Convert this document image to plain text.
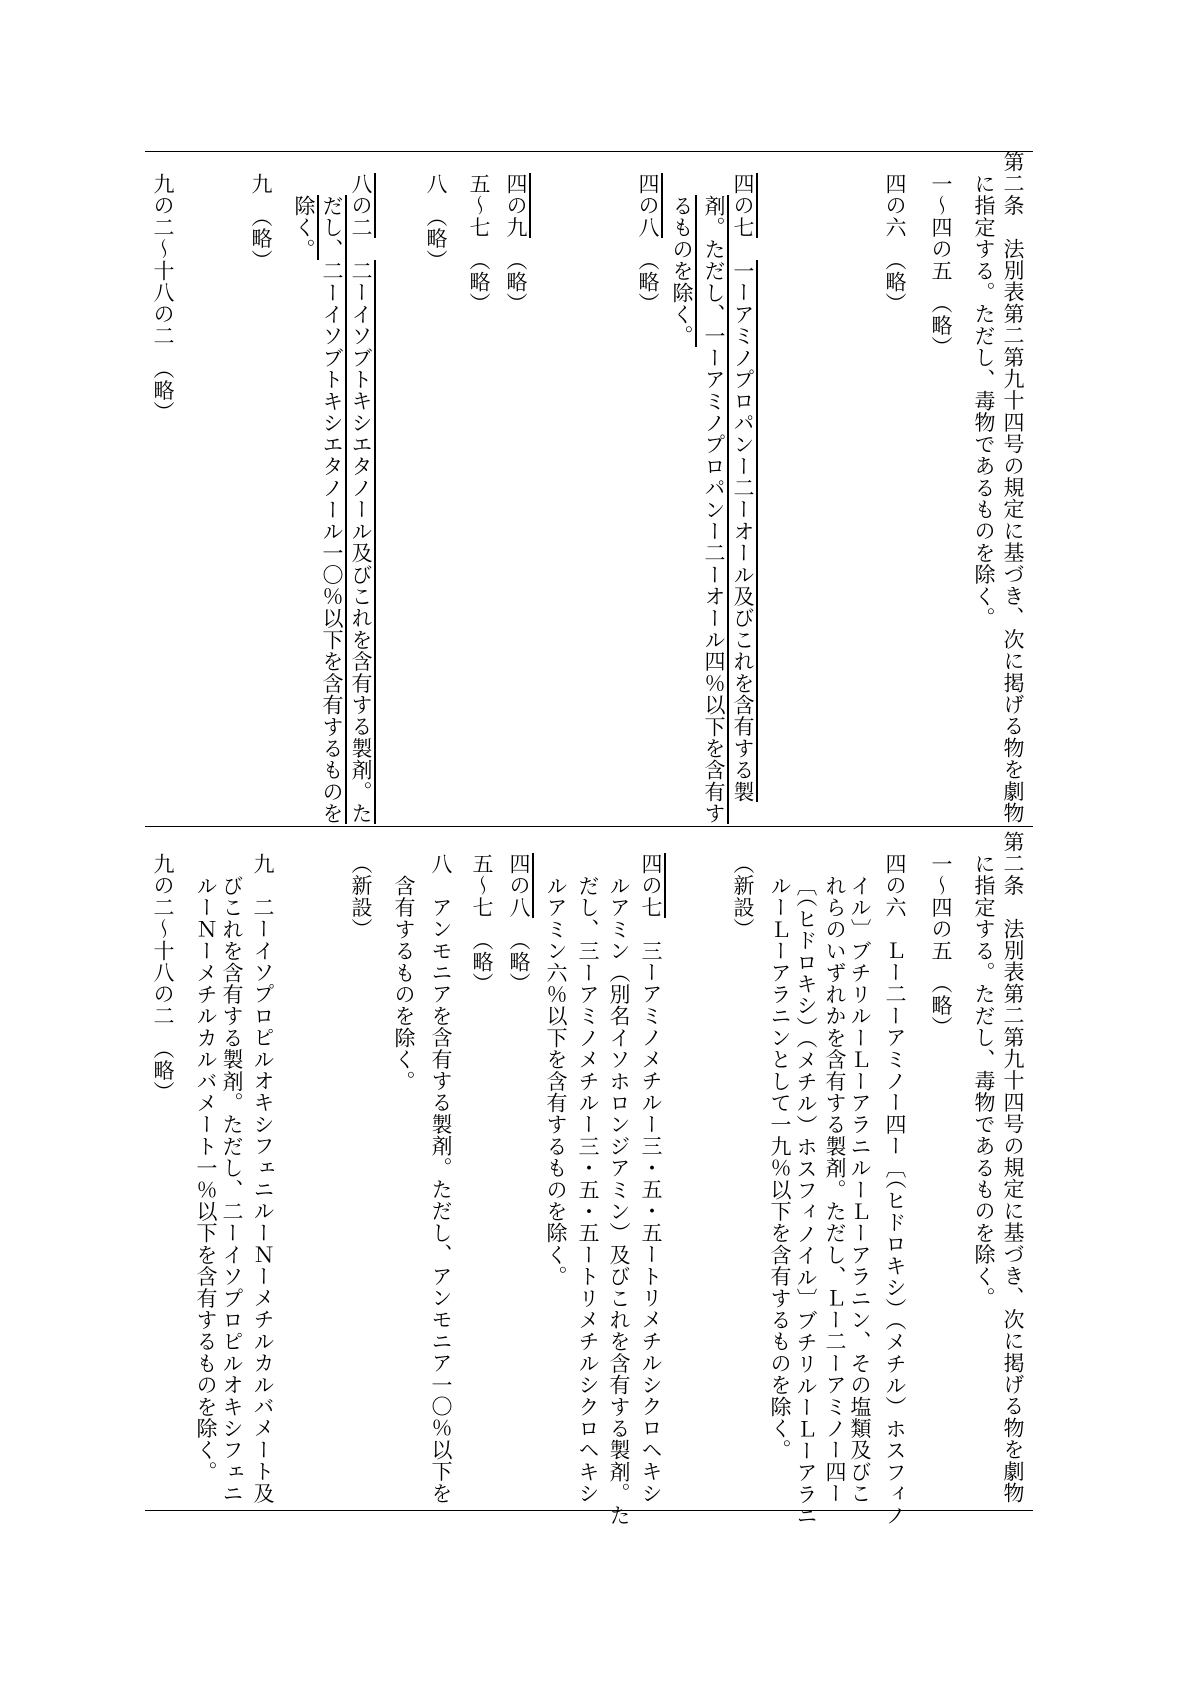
第二条　法別表第二第九十四号の規定に基づき、次に掲げる物を劇物
に指定する。ただし、毒物であるものを除く。
一～四の五　（略）
四の六　（略）
四の七　一ーアミノプロパンー二ーオール及びこれを含有する製
剤。ただし、一ーアミノプロパンー二ーオール四％以下を含有す
るものを除く。
四の八　（略）
四の九　（略）
五～七　（略）
八　（略）
八の二　二ーイソブトキシエタノール及びこれを含有する製剤。た
だし、二ーイソブトキシエタノール一〇％以下を含有するものを
除く。
九　（略）
九の二～十八の二　（略）
第二条　法別表第二第九十四号の規定に基づき、次に掲げる物を劇物
に指定する。ただし、毒物であるものを除く。
一～四の五　（略）
四の六　Ｌー二ーアミノー四ー〔（ヒドロキシ）（メチル）ホスフィノ
イル〕ブチリルーＬーアラニルーＬーアラニン、その塩類及びこ
れらのいずれかを含有する製剤。ただし、Ｌー二ーアミノー四ー
〔（ヒドロキシ）（メチル）ホスフィノイル〕ブチリルーＬーアラニ
ルーＬーアラニンとして一九％以下を含有するものを除く。
（新設）
四の七　三ーアミノメチルー三・五・五ートリメチルシクロヘキシ
ルアミン（別名イソホロンジアミン）及びこれを含有する製剤。た
だし、三ーアミノメチルー三・五・五ートリメチルシクロヘキシ
ルアミン六％以下を含有するものを除く。
四の八　（略）
五～七　（略）
八　アンモニアを含有する製剤。ただし、アンモニア一〇％以下を
含有するものを除く。
（新設）
九　二ーイソプロピルオキシフェニルーＮーメチルカルバメート及
びこれを含有する製剤。ただし、二ーイソプロピルオキシフェニ
ルーＮーメチルカルバメート一％以下を含有するものを除く。
九の二～十八の二　（略）
